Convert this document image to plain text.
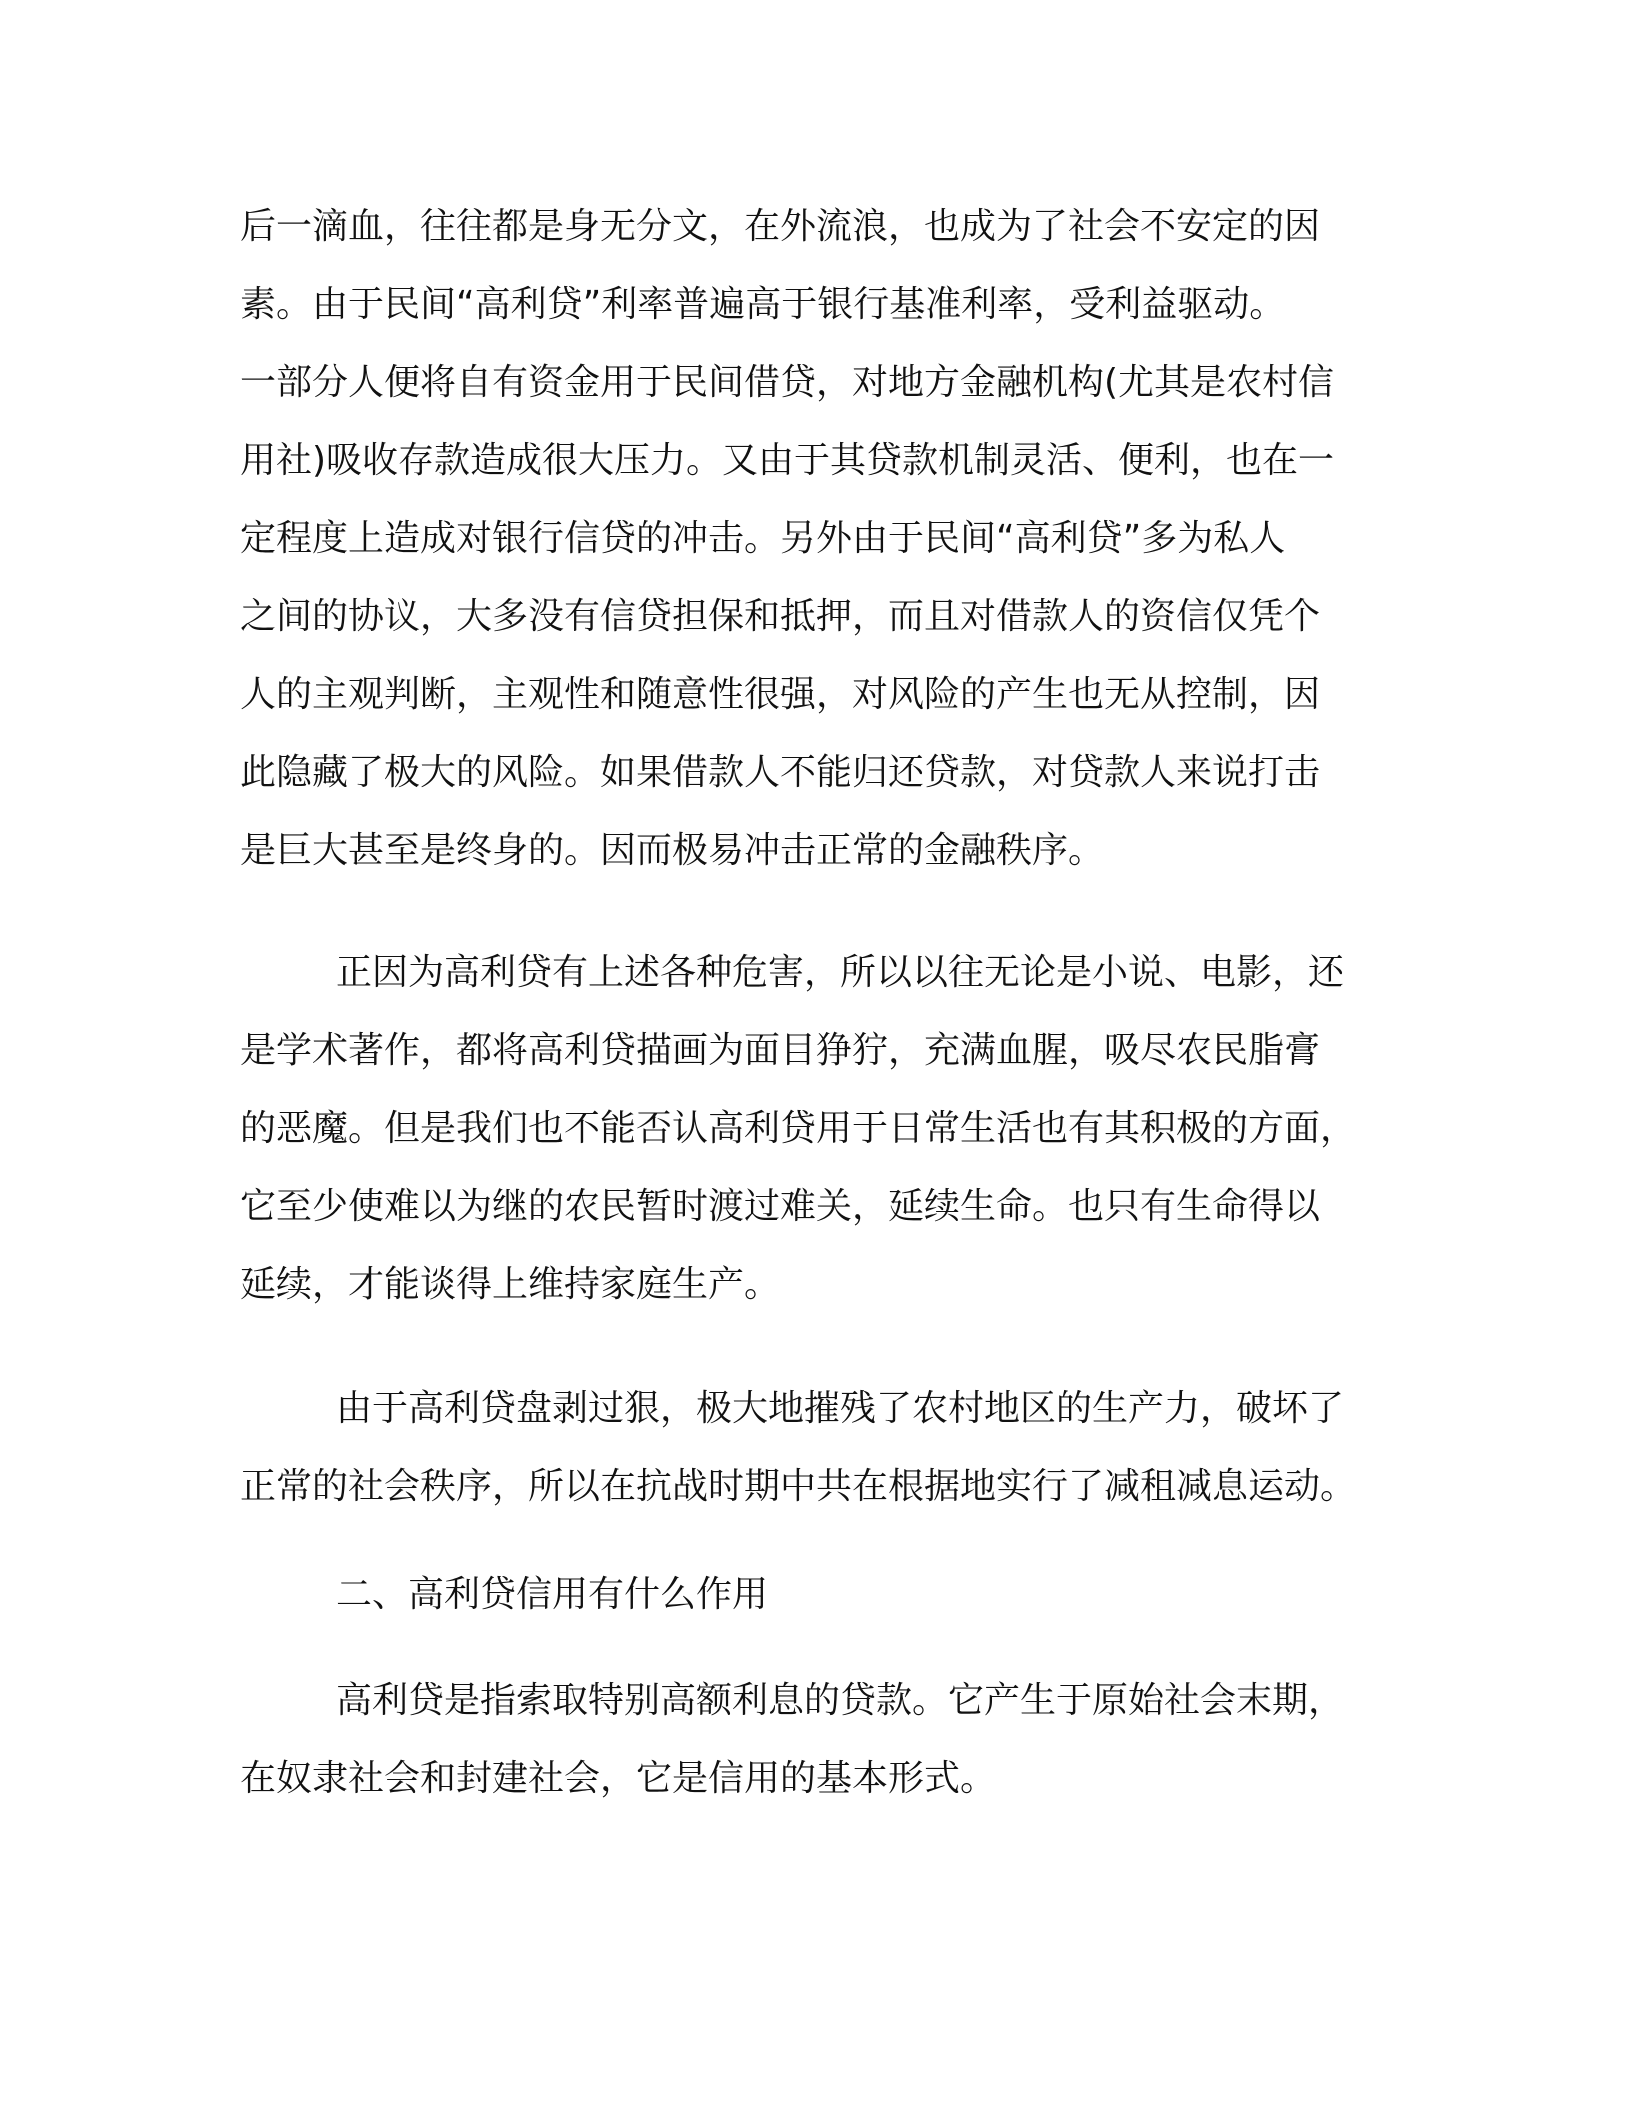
后一滴血，往往都是身无分文，在外流浪，也成为了社会不安定的因
素。由于民间“高利贷”利率普遍高于银行基准利率，受利益驱动。
一部分人便将自有资金用于民间借贷，对地方金融机构(尤其是农村信
用社)吸收存款造成很大压力。又由于其贷款机制灵活、便利，也在一
定程度上造成对银行信贷的冲击。另外由于民间“高利贷”多为私人
之间的协议，大多没有信贷担保和抵押，而且对借款人的资信仅凭个
人的主观判断，主观性和随意性很强，对风险的产生也无从控制，因
此隐藏了极大的风险。如果借款人不能归还贷款，对贷款人来说打击
是巨大甚至是终身的。因而极易冲击正常的金融秩序。
正因为高利贷有上述各种危害，所以以往无论是小说、电影，还
是学术著作，都将高利贷描画为面目狰狞，充满血腥，吸尽农民脂膏
的恶魔。但是我们也不能否认高利贷用于日常生活也有其积极的方面，
它至少使难以为继的农民暂时渡过难关，延续生命。也只有生命得以
延续，才能谈得上维持家庭生产。
由于高利贷盘剥过狠，极大地摧残了农村地区的生产力，破坏了
正常的社会秩序，所以在抗战时期中共在根据地实行了减租减息运动。
二、高利贷信用有什么作用
高利贷是指索取特别高额利息的贷款。它产生于原始社会末期，
在奴隶社会和封建社会，它是信用的基本形式。
